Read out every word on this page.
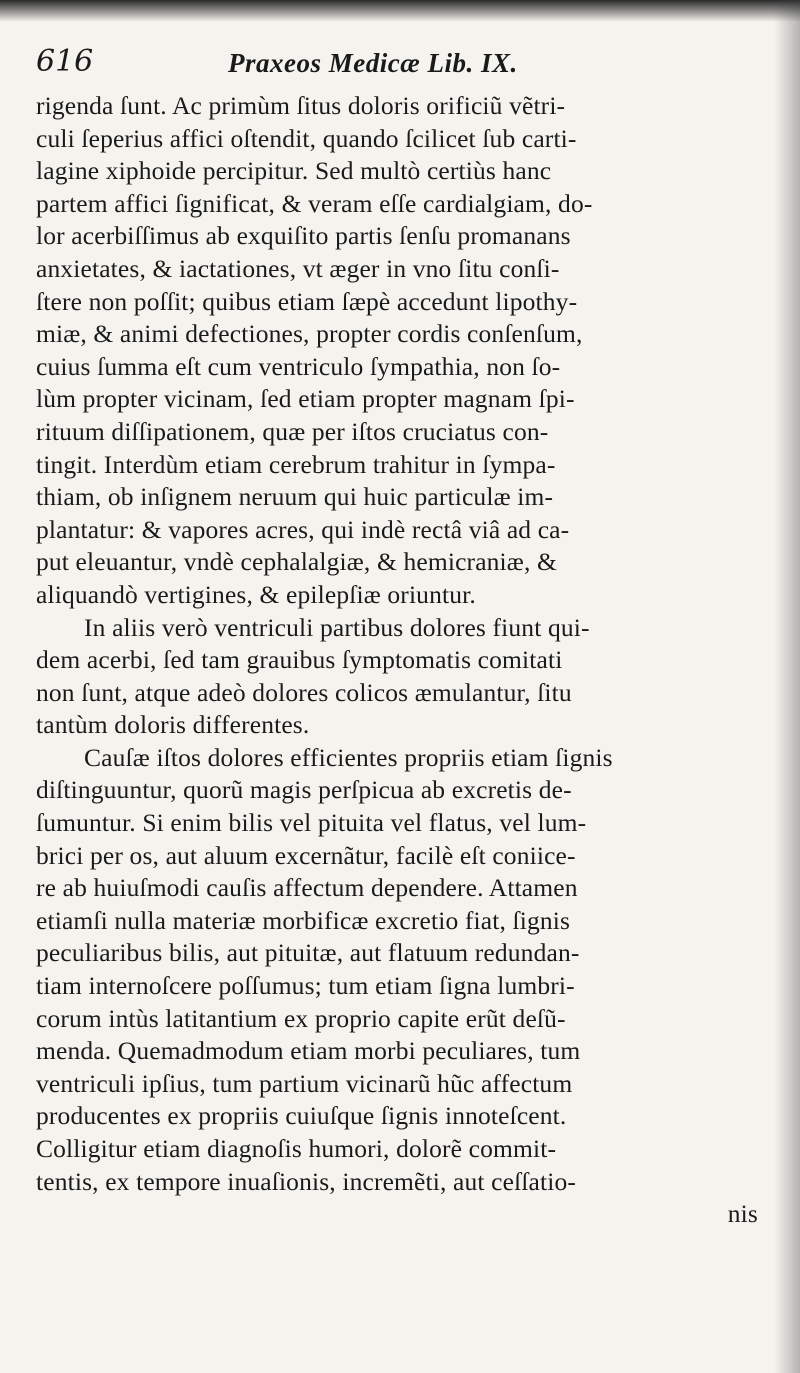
616	Praxeos Medicæ Lib. IX.
rigenda ſunt. Ac primùm ſitus doloris orificiũ vẽtri-
culi ſeperius affici oſtendit, quando ſcilicet ſub carti-
lagine xiphoide percipitur. Sed multò certiùs hanc
partem affici ſignificat, & veram eſſe cardialgiam, do-
lor acerbiſſimus ab exquiſito partis ſenſu promanans
anxietates, & iactationes, vt æger in vno ſitu conſi-
ſtere non poſſit; quibus etiam ſæpè accedunt lipothy-
miæ, & animi defectiones, propter cordis conſenſum,
cuius ſumma eſt cum ventriculo ſympathia, non ſo-
lùm propter vicinam, ſed etiam propter magnam ſpi-
rituum diſſipationem, quæ per iſtos cruciatus con-
tingit. Interdùm etiam cerebrum trahitur in ſympa-
thiam, ob inſignem neruum qui huic particulæ im-
plantatur: & vapores acres, qui indè rectâ viâ ad ca-
put eleuantur, vndè cephalalgiæ, & hemicraniæ, &
aliquandò vertigines, & epilepſiæ oriuntur.
In aliis verò ventriculi partibus dolores fiunt qui-
dem acerbi, ſed tam grauibus ſymptomatis comitati
non ſunt, atque adeò dolores colicos æmulantur, ſitu
tantùm doloris differentes.
Cauſæ iſtos dolores efficientes propriis etiam ſignis
diſtinguuntur, quorũ magis perſpicua ab excretis de-
ſumuntur. Si enim bilis vel pituita vel flatus, vel lum-
brici per os, aut aluum excernãtur, facilè eſt coniice-
re ab huiuſmodi cauſis affectum dependere. Attamen
etiamſi nulla materiæ morbificæ excretio fiat, ſignis
peculiaribus bilis, aut pituitæ, aut flatuum redundan-
tiam internoſcere poſſumus; tum etiam ſigna lumbri-
corum intùs latitantium ex proprio capite erũt deſũ-
menda. Quemadmodum etiam morbi peculiares, tum
ventriculi ipſius, tum partium vicinarũ hũc affectum
producentes ex propriis cuiuſque ſignis innoteſcent.
Colligitur etiam diagnoſis humori, dolorẽ commit-
tentis, ex tempore inuaſionis, incremẽti, aut ceſſatio-
nis
